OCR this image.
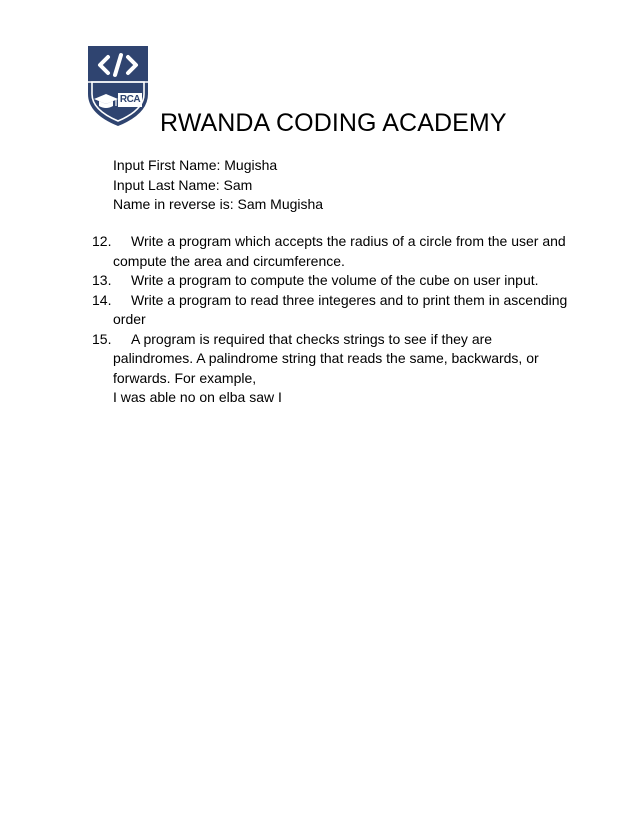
RCA
RWANDA CODING ACADEMY
Input First Name: Mugisha
Input Last Name: Sam
Name in reverse is: Sam Mugisha
12.	Write a program which accepts the radius of a circle from the user and compute the area and circumference.
13.	Write a program to compute the volume of the cube on user input.
14.	Write a program to read three integeres and to print them in ascending order
15.	A program is required that checks strings to see if they are palindromes. A palindrome string that reads the same, backwards, or forwards. For example,
I was able no on elba saw I
